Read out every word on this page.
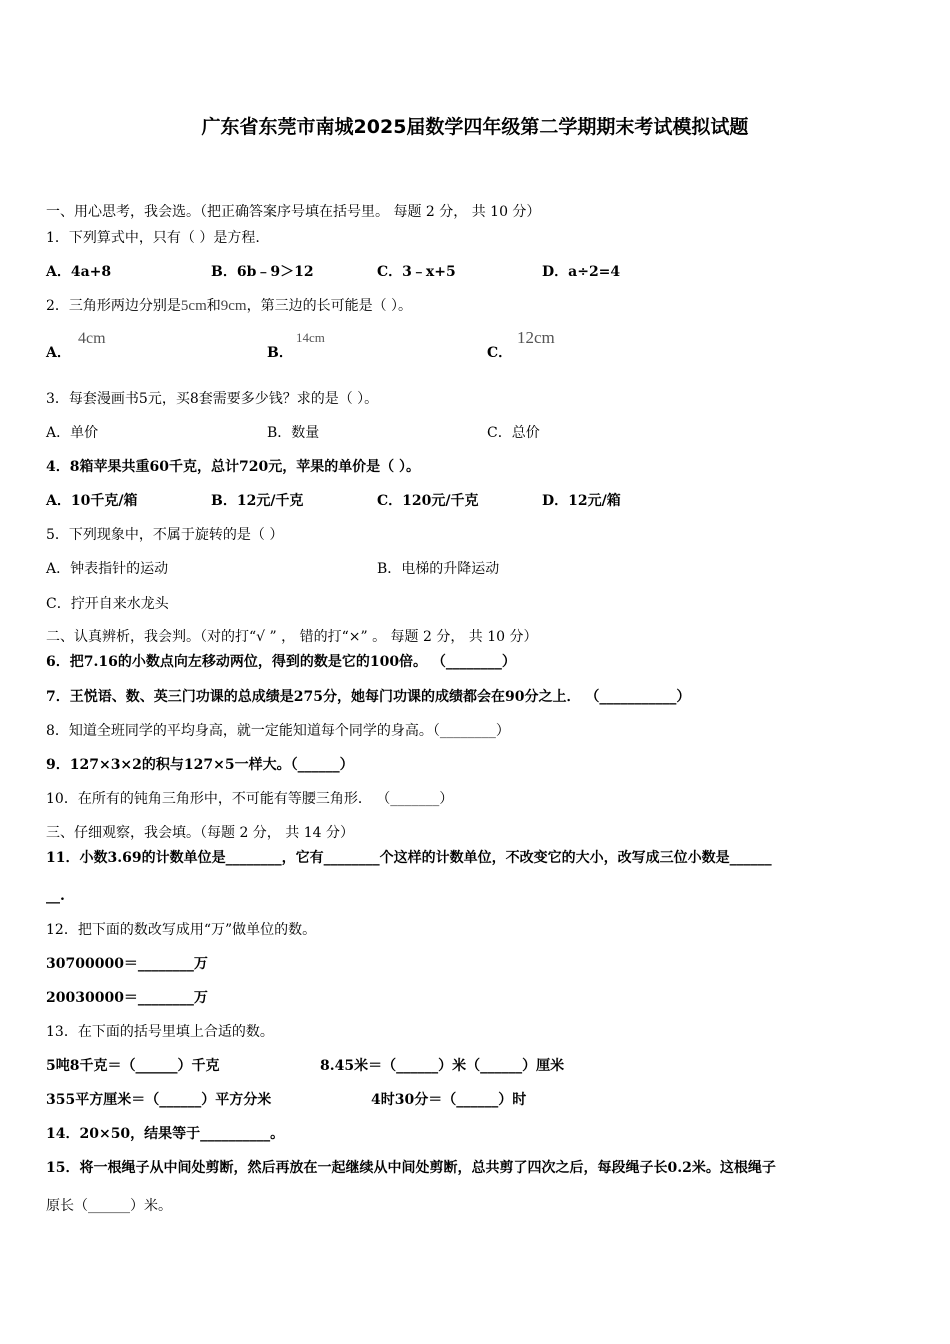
广东省东莞市南城2025届数学四年级第二学期期末考试模拟试题
一、用心思考，我会选。（把正确答案序号填在括号里。 每题 2 分， 共 10 分）
1．下列算式中，只有（ ）是方程.
A．4a+8	B．6b﹣9＞12	C．3﹣x+5	D．a÷2=4
2．三角形两边分别是5cm和9cm，第三边的长可能是（ ）。
A．
4cm
B．
14cm
C．
12cm
3．每套漫画书5元，买8套需要多少钱？求的是（ ）。
A．单价	B．数量	C．总价
4．8箱苹果共重60千克，总计720元，苹果的单价是（ ）。
A．10千克/箱	B．12元/千克	C．120元/千克	D．12元/箱
5．下列现象中，不属于旋转的是（ ）
A．钟表指针的运动	B．电梯的升降运动
C．拧开自来水龙头
二、认真辨析，我会判。（对的打“√ ” ， 错的打“×” 。 每题 2 分， 共 10 分）
6．把7.16的小数点向左移动两位，得到的数是它的100倍。 （________）
7．王悦语、数、英三门功课的总成绩是275分，她每门功课的成绩都会在90分之上． （___________）
8．知道全班同学的平均身高，就一定能知道每个同学的身高。（________）
9．127×3×2的积与127×5一样大。（______）
10．在所有的钝角三角形中，不可能有等腰三角形． （_______）
三、仔细观察，我会填。（每题 2 分， 共 14 分）
11．小数3.69的计数单位是________，它有________个这样的计数单位，不改变它的大小，改写成三位小数是______
__.
12．把下面的数改写成用“万”做单位的数。
30700000＝________万
20030000＝________万
13．在下面的括号里填上合适的数。
5吨8千克＝（______）千克	8.45米＝（______）米（______）厘米
355平方厘米＝（______）平方分米	4时30分＝（______）时
14．20×50，结果等于__________。
15．将一根绳子从中间处剪断，然后再放在一起继续从中间处剪断，总共剪了四次之后，每段绳子长0.2米。这根绳子
原长（______）米。
